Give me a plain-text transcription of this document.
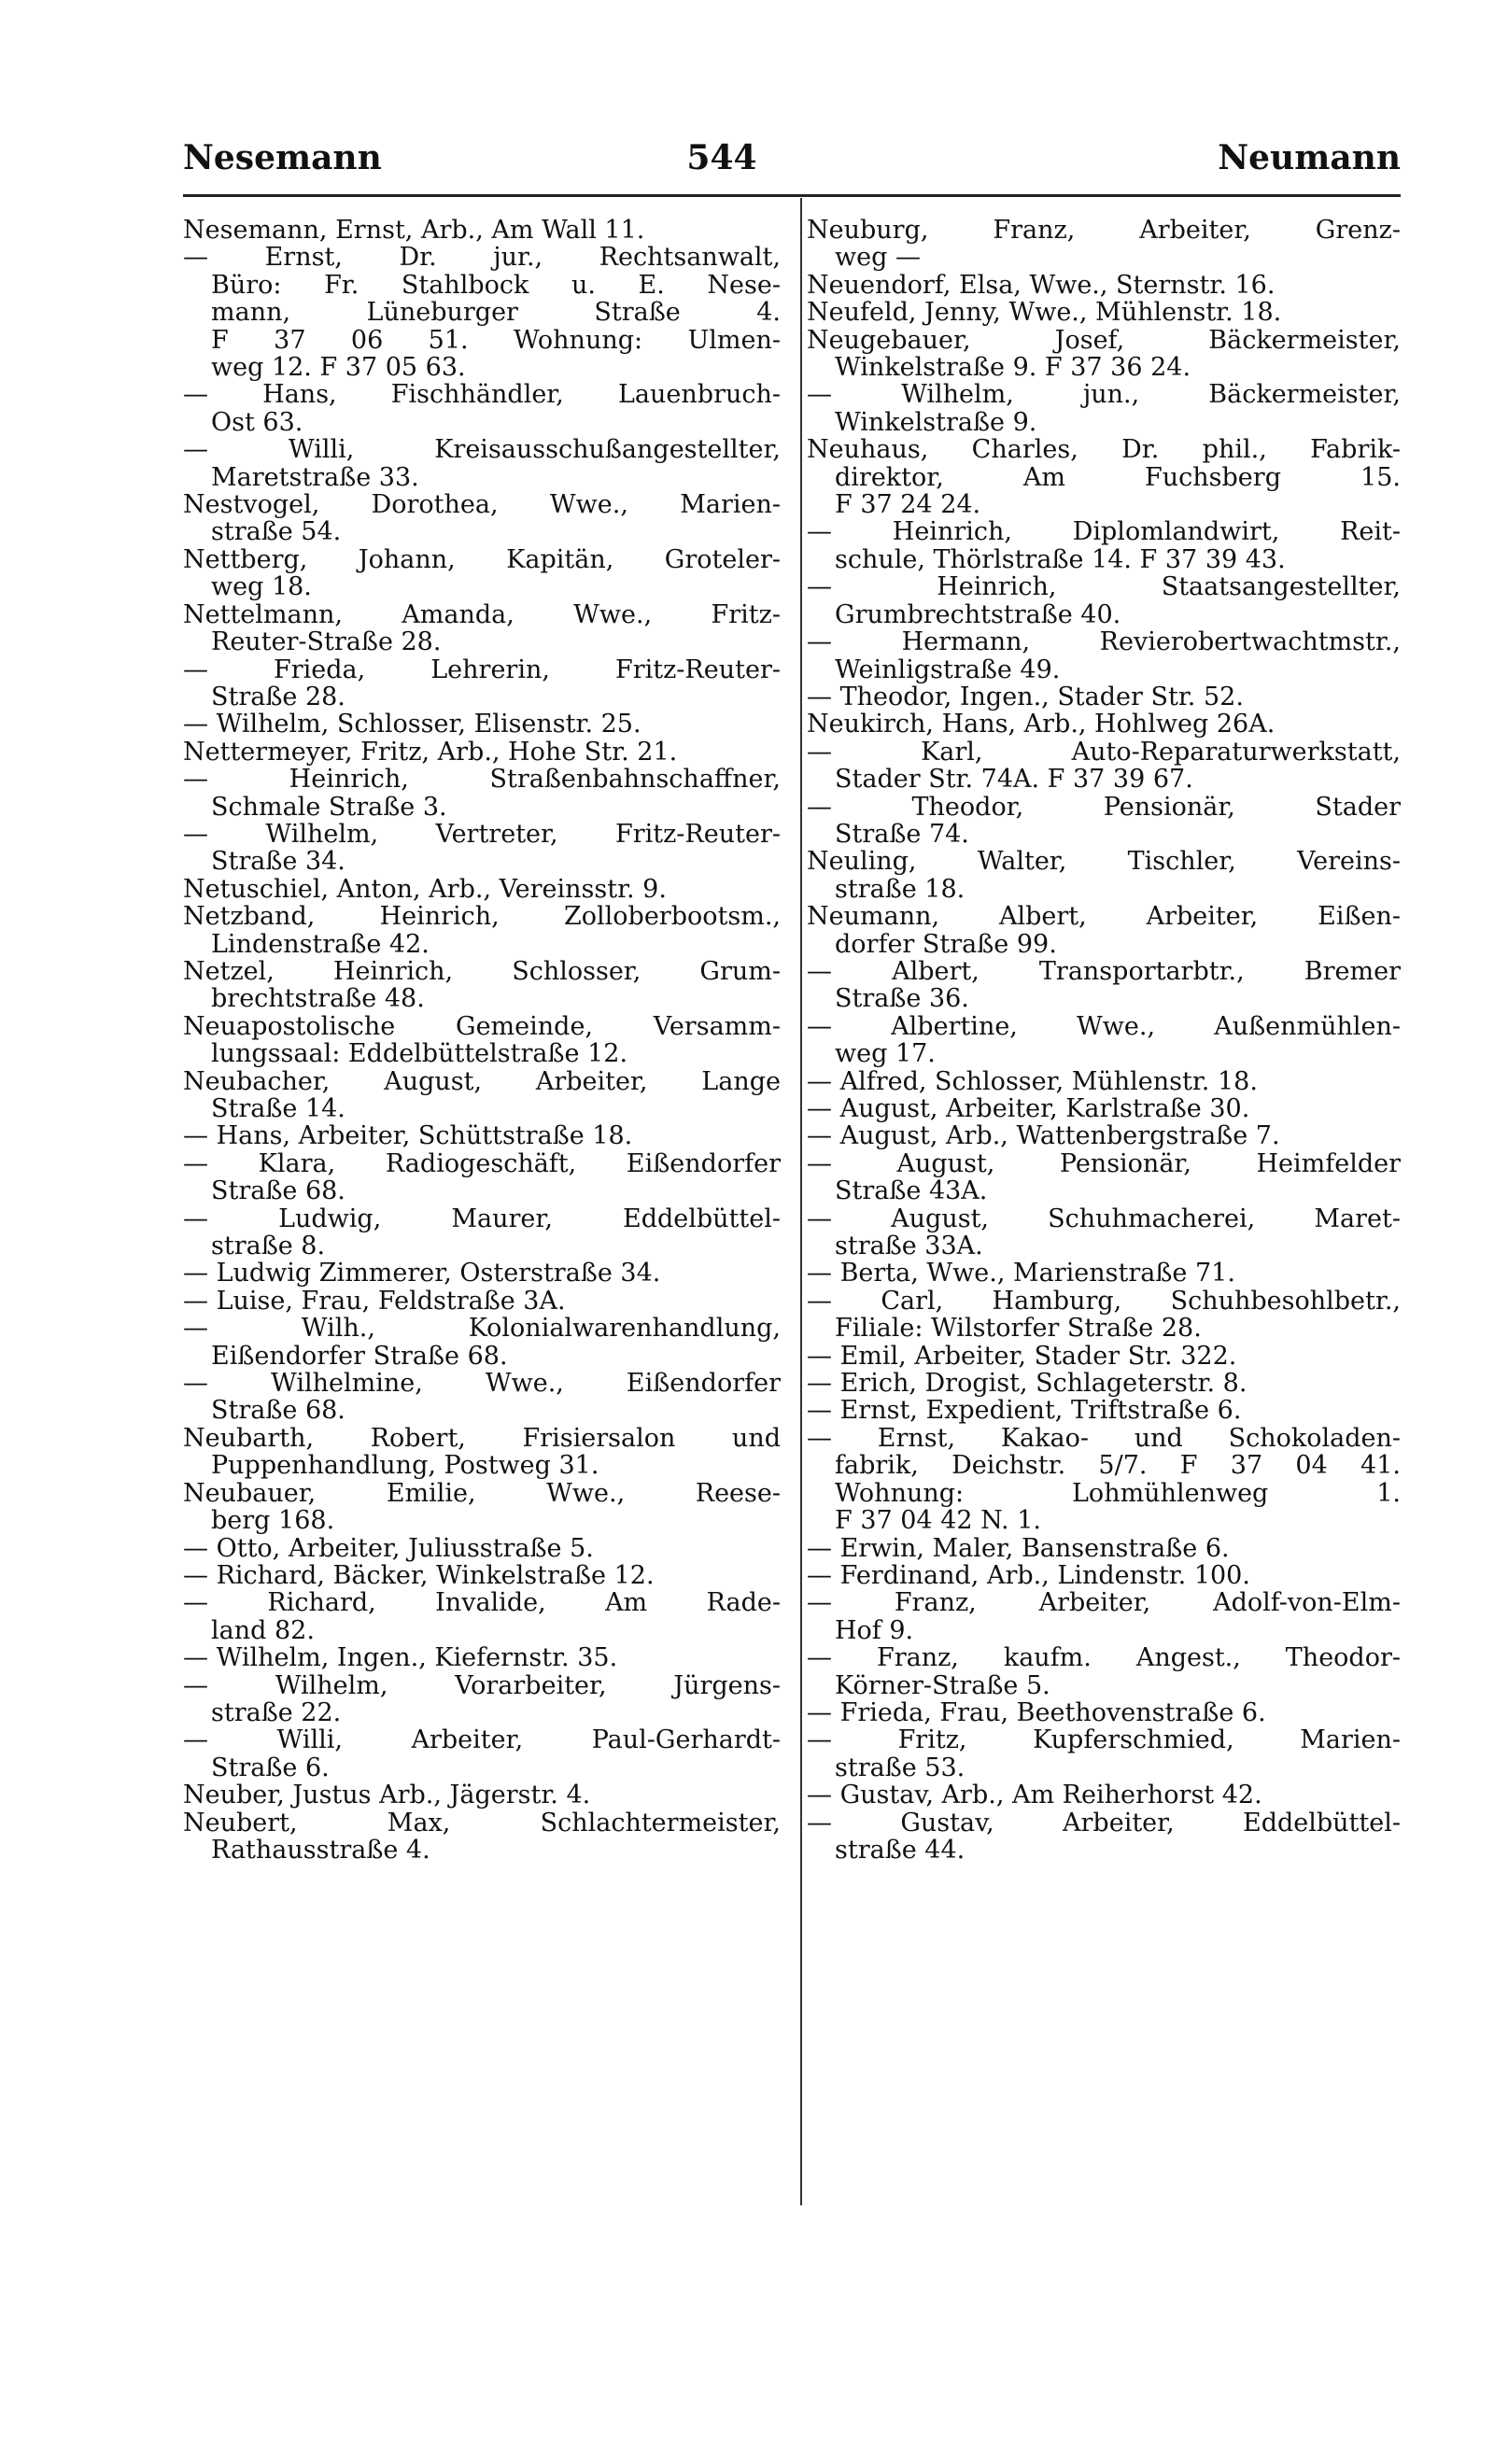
Nesemann	544	Neumann
Nesemann, Ernst, Arb., Am Wall 11.
— Ernst, Dr. jur., Rechtsanwalt,
Büro: Fr. Stahlbock u. E. Nese-
mann, Lüneburger Straße 4.
F 37 06 51. Wohnung: Ulmen-
weg 12. F 37 05 63.
— Hans, Fischhändler, Lauenbruch-
Ost 63.
— Willi, Kreisausschußangestellter,
Maretstraße 33.
Nestvogel, Dorothea, Wwe., Marien-
straße 54.
Nettberg, Johann, Kapitän, Groteler-
weg 18.
Nettelmann, Amanda, Wwe., Fritz-
Reuter-Straße 28.
— Frieda, Lehrerin, Fritz-Reuter-
Straße 28.
— Wilhelm, Schlosser, Elisenstr. 25.
Nettermeyer, Fritz, Arb., Hohe Str. 21.
— Heinrich, Straßenbahnschaffner,
Schmale Straße 3.
— Wilhelm, Vertreter, Fritz-Reuter-
Straße 34.
Netuschiel, Anton, Arb., Vereinsstr. 9.
Netzband, Heinrich, Zolloberbootsm.,
Lindenstraße 42.
Netzel, Heinrich, Schlosser, Grum-
brechtstraße 48.
Neuapostolische Gemeinde, Versamm-
lungssaal: Eddelbüttelstraße 12.
Neubacher, August, Arbeiter, Lange
Straße 14.
— Hans, Arbeiter, Schüttstraße 18.
— Klara, Radiogeschäft, Eißendorfer
Straße 68.
— Ludwig, Maurer, Eddelbüttel-
straße 8.
— Ludwig Zimmerer, Osterstraße 34.
— Luise, Frau, Feldstraße 3A.
— Wilh., Kolonialwarenhandlung,
Eißendorfer Straße 68.
— Wilhelmine, Wwe., Eißendorfer
Straße 68.
Neubarth, Robert, Frisiersalon und
Puppenhandlung, Postweg 31.
Neubauer, Emilie, Wwe., Reese-
berg 168.
— Otto, Arbeiter, Juliusstraße 5.
— Richard, Bäcker, Winkelstraße 12.
— Richard, Invalide, Am Rade-
land 82.
— Wilhelm, Ingen., Kiefernstr. 35.
— Wilhelm, Vorarbeiter, Jürgens-
straße 22.
— Willi, Arbeiter, Paul-Gerhardt-
Straße 6.
Neuber, Justus Arb., Jägerstr. 4.
Neubert, Max, Schlachtermeister,
Rathausstraße 4.
Neuburg, Franz, Arbeiter, Grenz-
weg —
Neuendorf, Elsa, Wwe., Sternstr. 16.
Neufeld, Jenny, Wwe., Mühlenstr. 18.
Neugebauer, Josef, Bäckermeister,
Winkelstraße 9. F 37 36 24.
— Wilhelm, jun., Bäckermeister,
Winkelstraße 9.
Neuhaus, Charles, Dr. phil., Fabrik-
direktor, Am Fuchsberg 15.
F 37 24 24.
— Heinrich, Diplomlandwirt, Reit-
schule, Thörlstraße 14. F 37 39 43.
— Heinrich, Staatsangestellter,
Grumbrechtstraße 40.
— Hermann, Revierobertwachtmstr.,
Weinligstraße 49.
— Theodor, Ingen., Stader Str. 52.
Neukirch, Hans, Arb., Hohlweg 26A.
— Karl, Auto-Reparaturwerkstatt,
Stader Str. 74A. F 37 39 67.
— Theodor, Pensionär, Stader
Straße 74.
Neuling, Walter, Tischler, Vereins-
straße 18.
Neumann, Albert, Arbeiter, Eißen-
dorfer Straße 99.
— Albert, Transportarbtr., Bremer
Straße 36.
— Albertine, Wwe., Außenmühlen-
weg 17.
— Alfred, Schlosser, Mühlenstr. 18.
— August, Arbeiter, Karlstraße 30.
— August, Arb., Wattenbergstraße 7.
— August, Pensionär, Heimfelder
Straße 43A.
— August, Schuhmacherei, Maret-
straße 33A.
— Berta, Wwe., Marienstraße 71.
— Carl, Hamburg, Schuhbesohlbetr.,
Filiale: Wilstorfer Straße 28.
— Emil, Arbeiter, Stader Str. 322.
— Erich, Drogist, Schlageterstr. 8.
— Ernst, Expedient, Triftstraße 6.
— Ernst, Kakao- und Schokoladen-
fabrik, Deichstr. 5/7. F 37 04 41.
Wohnung: Lohmühlenweg 1.
F 37 04 42 N. 1.
— Erwin, Maler, Bansenstraße 6.
— Ferdinand, Arb., Lindenstr. 100.
— Franz, Arbeiter, Adolf-von-Elm-
Hof 9.
— Franz, kaufm. Angest., Theodor-
Körner-Straße 5.
— Frieda, Frau, Beethovenstraße 6.
— Fritz, Kupferschmied, Marien-
straße 53.
— Gustav, Arb., Am Reiherhorst 42.
— Gustav, Arbeiter, Eddelbüttel-
straße 44.
